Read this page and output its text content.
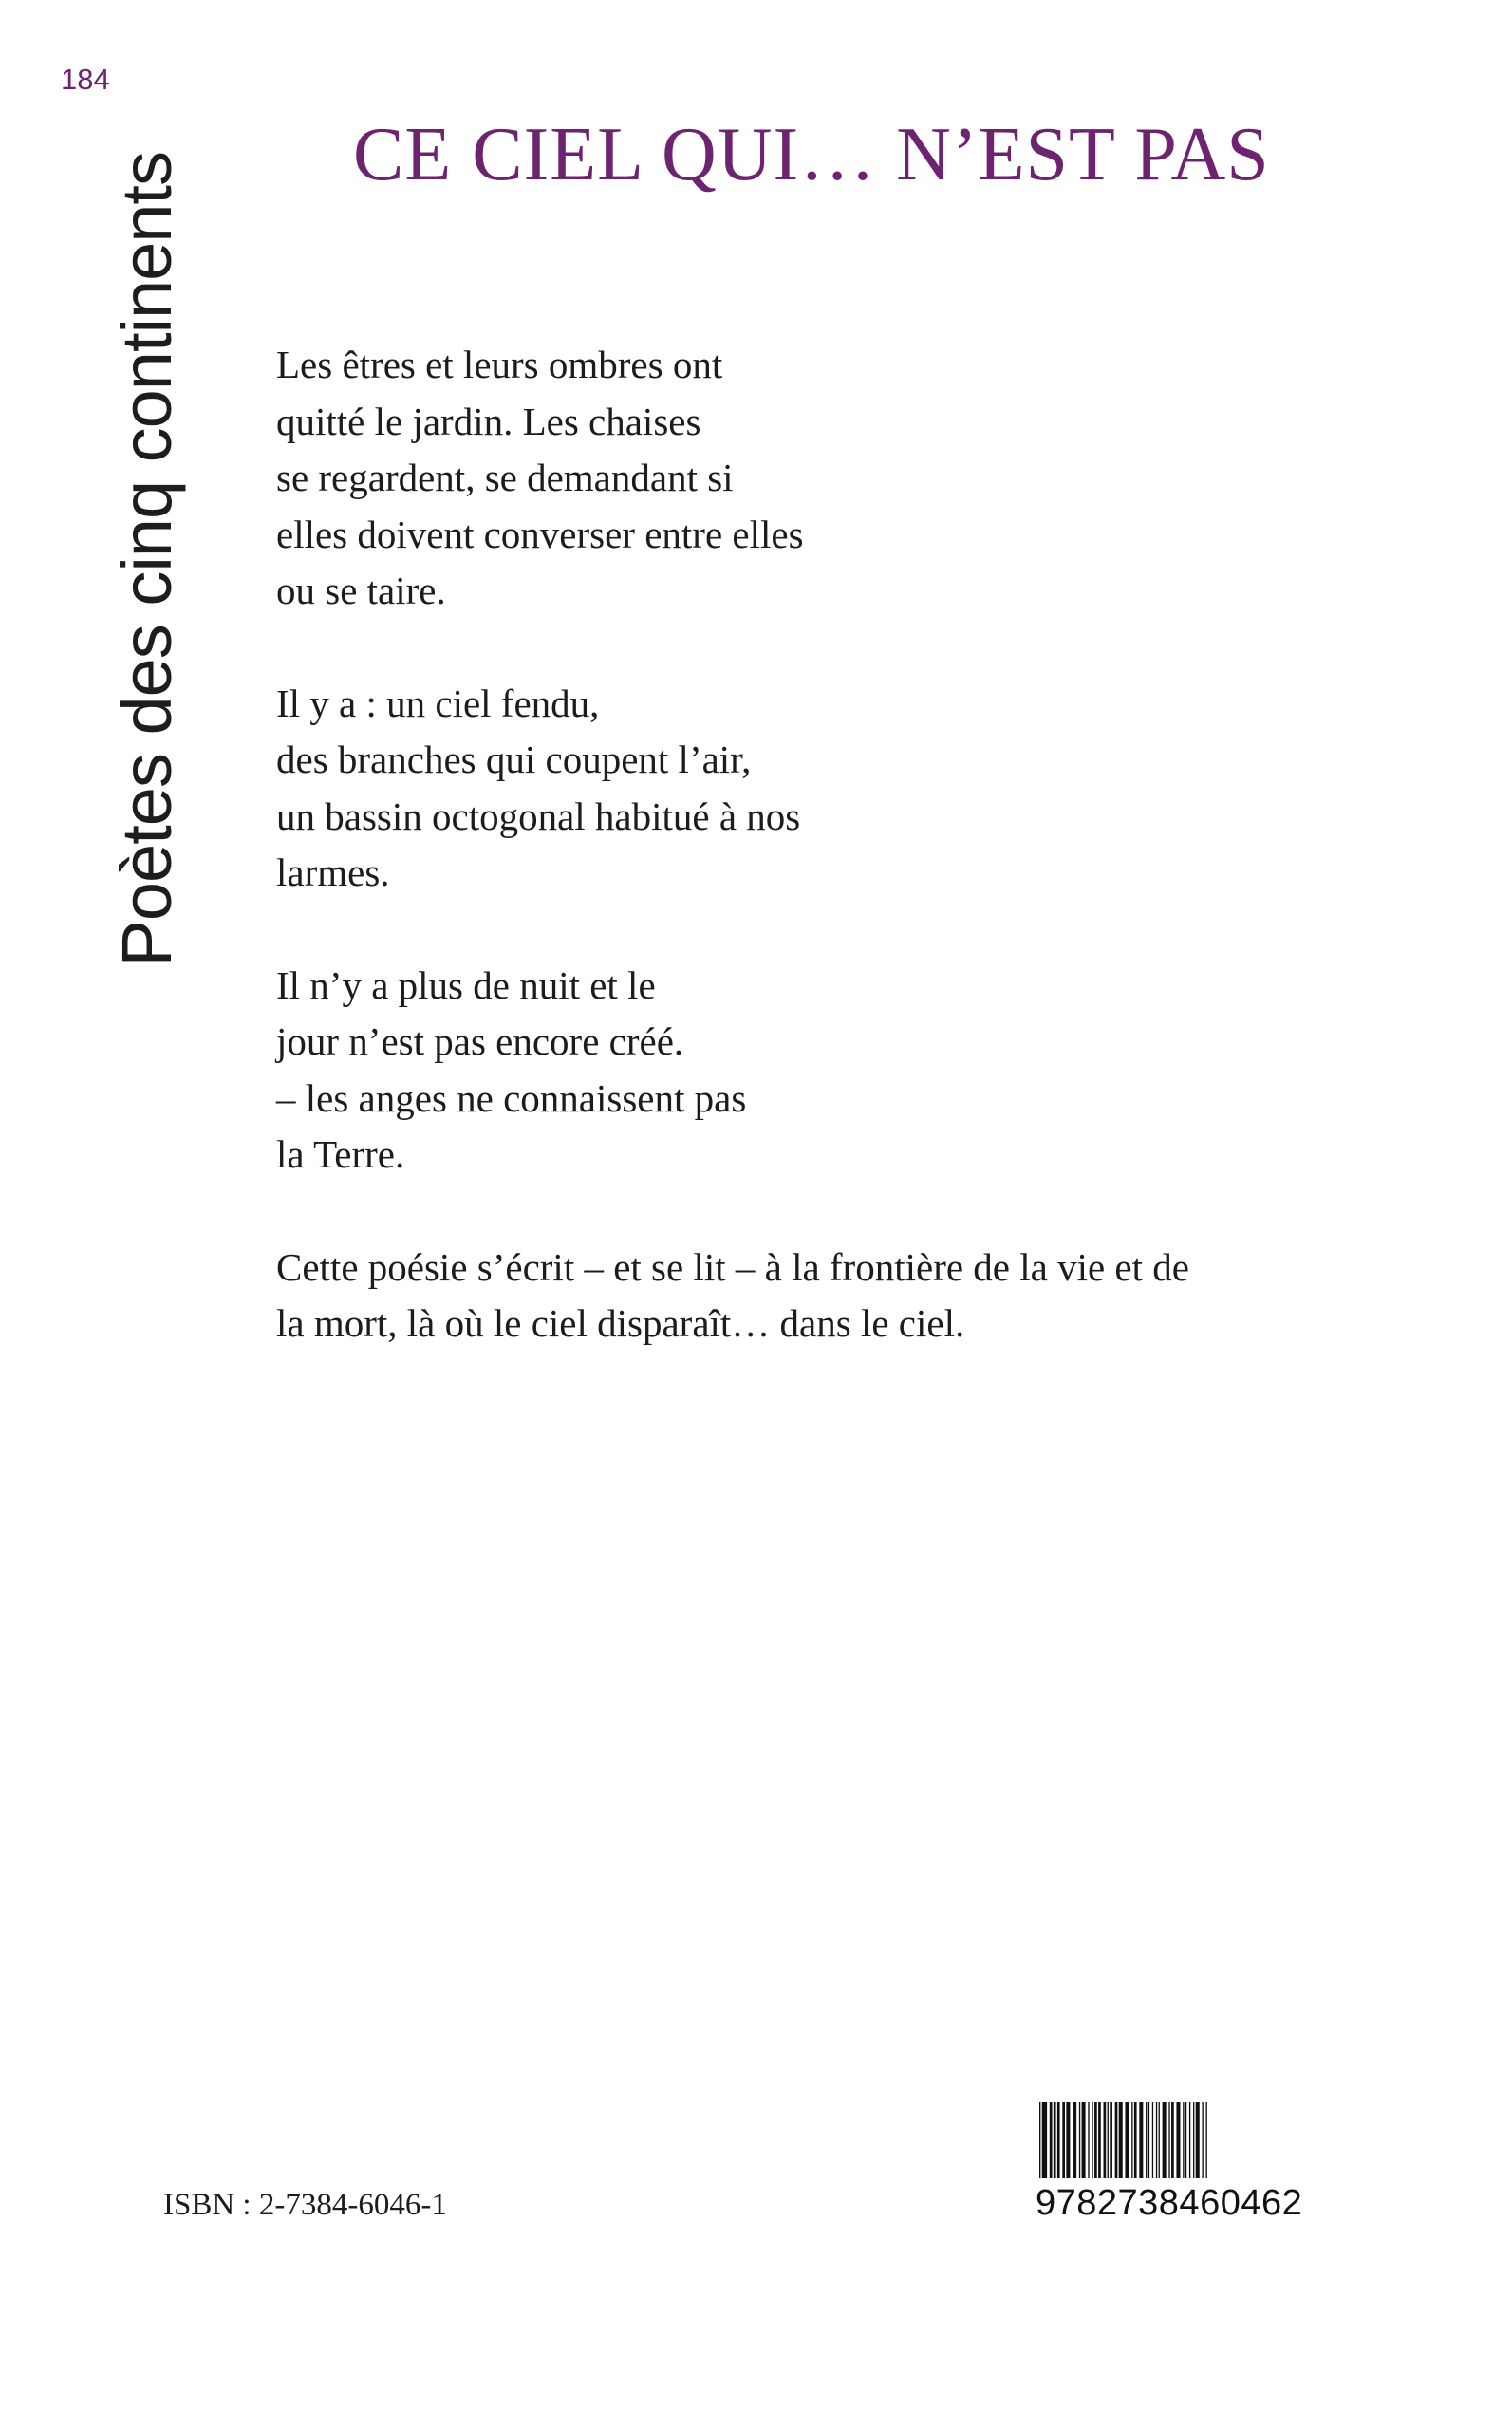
184
Poètes des cinq continents CE CIEL QUI… N’EST PAS
Les êtres et leurs ombres ont
quitté le jardin. Les chaises
se regardent, se demandant si
elles doivent converser entre elles
ou se taire.
Il y a : un ciel fendu,
des branches qui coupent l’air,
un bassin octogonal habitué à nos
larmes.
Il n’y a plus de nuit et le
jour n’est pas encore créé.
– les anges ne connaissent pas
la Terre.
Cette poésie s’écrit – et se lit – à la frontière de la vie et de
la mort, là où le ciel disparaît… dans le ciel.
ISBN : 2-7384-6046-1	9782738460462
